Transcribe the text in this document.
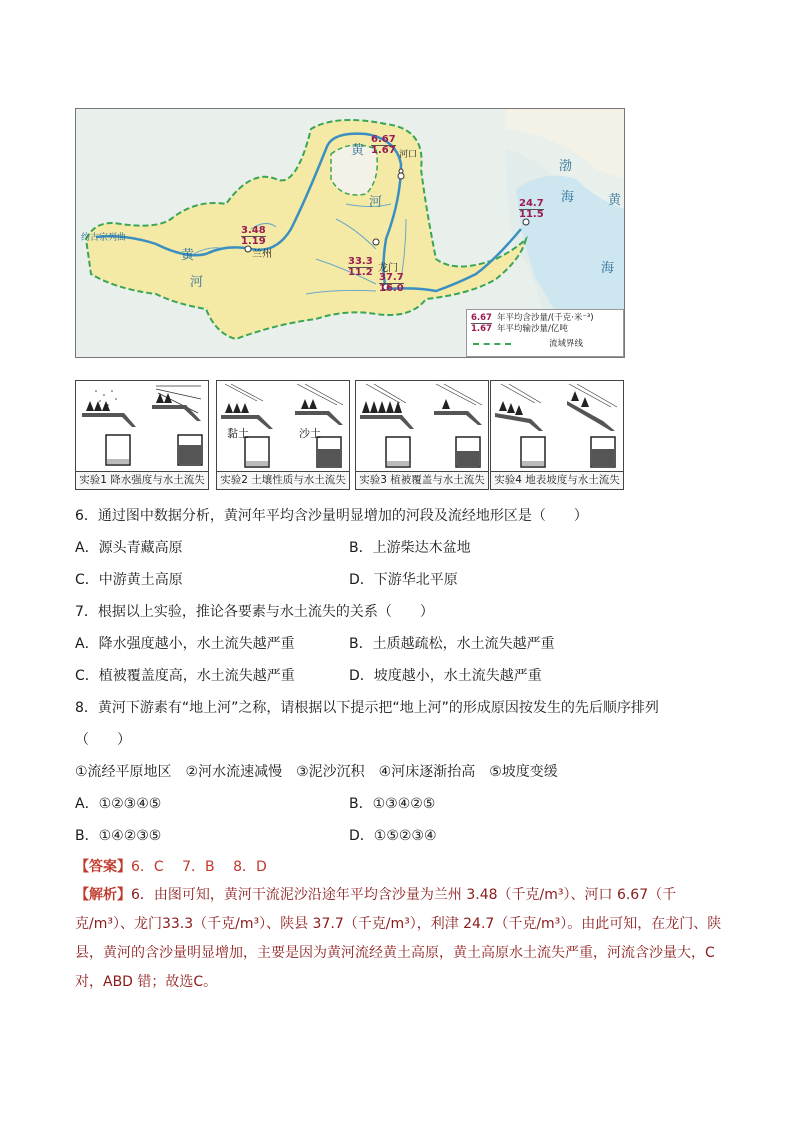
黄
河
黄
河
渤
海	黄
海
约古宗列曲
3.48
1.19
兰州
6.67
1.67 河口
33.3
11.2 龙门
37.7
16.0
24.7
11.5
6.67
1.67
年平均含沙量/(千克·米⁻³)
年平均输沙量/亿吨
流域界线
实验1 降水强度与水土流失
黏土	沙土
实验2 土壤性质与水土流失	实验3 植被覆盖与水土流失 实验4 地表坡度与水土流失
6．通过图中数据分析，黄河年平均含沙量明显增加的河段及流经地形区是（　　）
A．源头青藏高原	B．上游柴达木盆地
C．中游黄土高原	D．下游华北平原
7．根据以上实验，推论各要素与水土流失的关系（　　）
A．降水强度越小，水土流失越严重	B．土质越疏松，水土流失越严重
C．植被覆盖度高，水土流失越严重	D．坡度越小，水土流失越严重
8．黄河下游素有“地上河”之称，请根据以下提示把“地上河”的形成原因按发生的先后顺序排列
（　　）
①流经平原地区　②河水流速减慢　③泥沙沉积　④河床逐渐抬高　⑤坡度变缓
A．①②③④⑤	B．①③④②⑤
B．①④②③⑤	D．①⑤②③④
【答案】6．C　 7．B　 8．D
【解析】6．由图可知，黄河干流泥沙沿途年平均含沙量为兰州 3.48（千克/m³）、河口 6.67（千克/m³）、龙门33.3（千克/m³）、陕县 37.7（千克/m³），利津 24.7（千克/m³）。由此可知，在龙门、陕县，黄河的含沙量明显增加，主要是因为黄河流经黄土高原，黄土高原水土流失严重，河流含沙量大，C 对，ABD 错；故选C。
